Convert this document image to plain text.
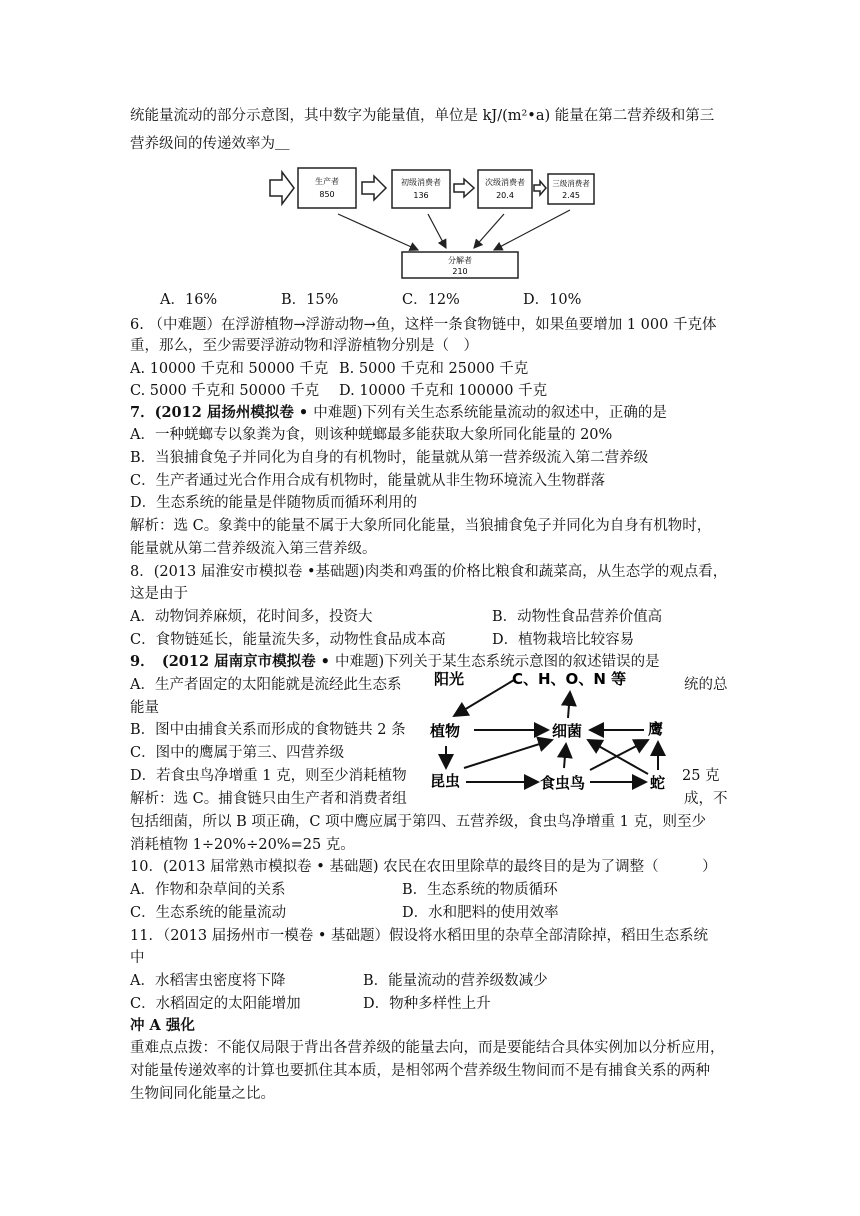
统能量流动的部分示意图，其中数字为能量值，单位是 kJ/(m²•a) 能量在第二营养级和第三
营养级间的传递效率为＿
生产者
850
初级消费者
136
次级消费者
20.4
三级消费者
2.45
分解者
210
A．16%	B．15%	C．12%	D．10%
6. （中难题）在浮游植物→浮游动物→鱼，这样一条食物链中，如果鱼要增加 1 000 千克体
重，那么，至少需要浮游动物和浮游植物分别是（　）
A. 10000 千克和 50000 千克 B. 5000 千克和 25000 千克
C. 5000 千克和 50000 千克 D. 10000 千克和 100000 千克
7．(2012 届扬州模拟卷 • 中难题)下列有关生态系统能量流动的叙述中，正确的是
A．一种蜣螂专以象粪为食，则该种蜣螂最多能获取大象所同化能量的 20%
B．当狼捕食兔子并同化为自身的有机物时，能量就从第一营养级流入第二营养级
C．生产者通过光合作用合成有机物时，能量就从非生物环境流入生物群落
D．生态系统的能量是伴随物质而循环利用的
解析：选 C。象粪中的能量不属于大象所同化能量，当狼捕食兔子并同化为自身有机物时，
能量就从第二营养级流入第三营养级。
8．(2013 届淮安市模拟卷 •基础题)肉类和鸡蛋的价格比粮食和蔬菜高，从生态学的观点看，
这是由于
A．动物饲养麻烦，花时间多，投资大	B．动物性食品营养价值高
C．食物链延长，能量流失多，动物性食品成本高	D．植物栽培比较容易
9．　(2012 届南京市模拟卷 • 中难题)下列关于某生态系统示意图的叙述错误的是
A．生产者固定的太阳能就是流经此生态系	统的总
能量
B．图中由捕食关系而形成的食物链共 2 条
C．图中的鹰属于第三、四营养级
D．若食虫鸟净增重 1 克，则至少消耗植物	25 克
解析：选 C。捕食链只由生产者和消费者组	成，不
包括细菌，所以 B 项正确，C 项中鹰应属于第四、五营养级，食虫鸟净增重 1 克，则至少
消耗植物 1÷20%÷20%=25 克。
阳光	C、H、O、N 等
植物	细菌	鹰
昆虫	食虫鸟	蛇
10．(2013 届常熟市模拟卷 • 基础题) 农民在农田里除草的最终目的是为了调整（　　　）
A．作物和杂草间的关系	B．生态系统的物质循环
C．生态系统的能量流动	D．水和肥料的使用效率
11．（2013 届扬州市一模卷 • 基础题）假设将水稻田里的杂草全部清除掉，稻田生态系统
中
A．水稻害虫密度将下降	B．能量流动的营养级数减少
C．水稻固定的太阳能增加	D．物种多样性上升
冲 A 强化
重难点点拨：不能仅局限于背出各营养级的能量去向，而是要能结合具体实例加以分析应用，
对能量传递效率的计算也要抓住其本质，是相邻两个营养级生物间而不是有捕食关系的两种
生物间同化能量之比。
